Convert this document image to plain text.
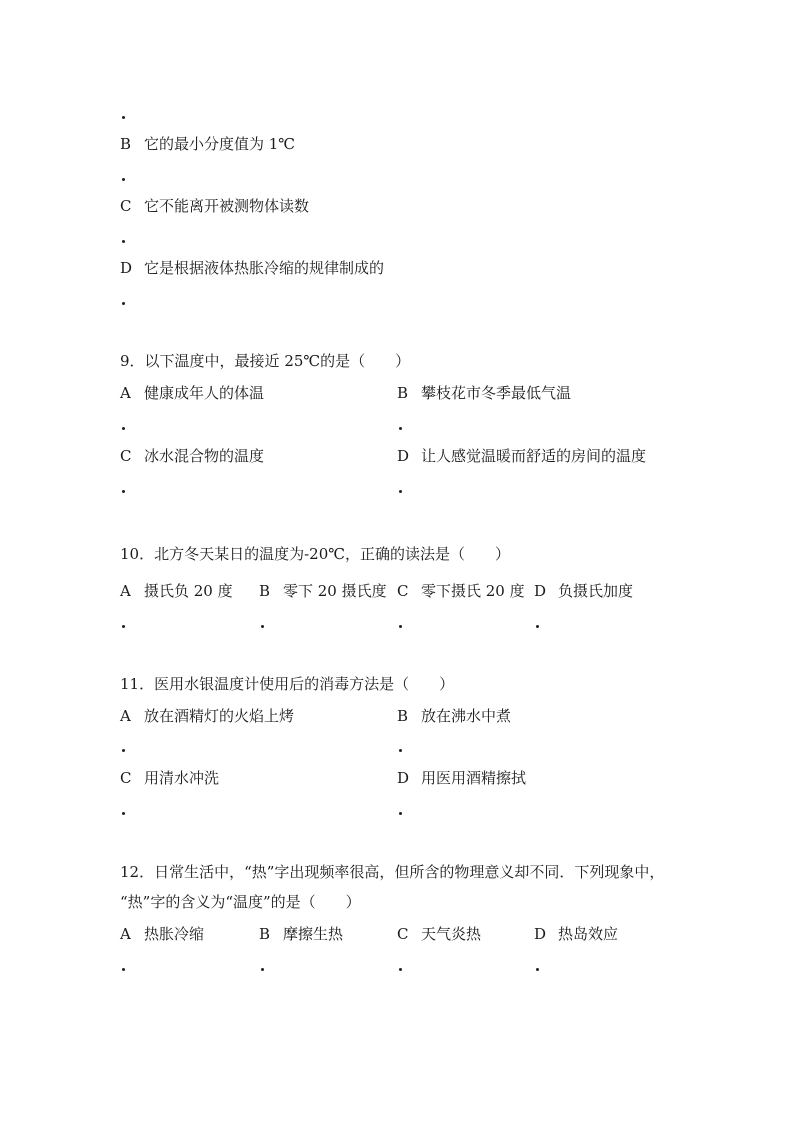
B 它的最小分度值为 1℃
C 它不能离开被测物体读数
D 它是根据液体热胀冷缩的规律制成的
9．以下温度中，最接近 25℃的是（　　）
A 健康成年人的体温	B 攀枝花市冬季最低气温
C 冰水混合物的温度	D 让人感觉温暖而舒适的房间的温度
10．北方冬天某日的温度为-20℃，正确的读法是（　　）
A 摄氏负 20 度 B 零下 20 摄氏度 C 零下摄氏 20 度 D 负摄氏加度
11．医用水银温度计使用后的消毒方法是（　　）
A 放在酒精灯的火焰上烤	B 放在沸水中煮
C 用清水冲洗	D 用医用酒精擦拭
12．日常生活中，“热”字出现频率很高，但所含的物理意义却不同．下列现象中，
“热”字的含义为“温度”的是（　　）
A 热胀冷缩	B 摩擦生热	C 天气炎热	D 热岛效应
